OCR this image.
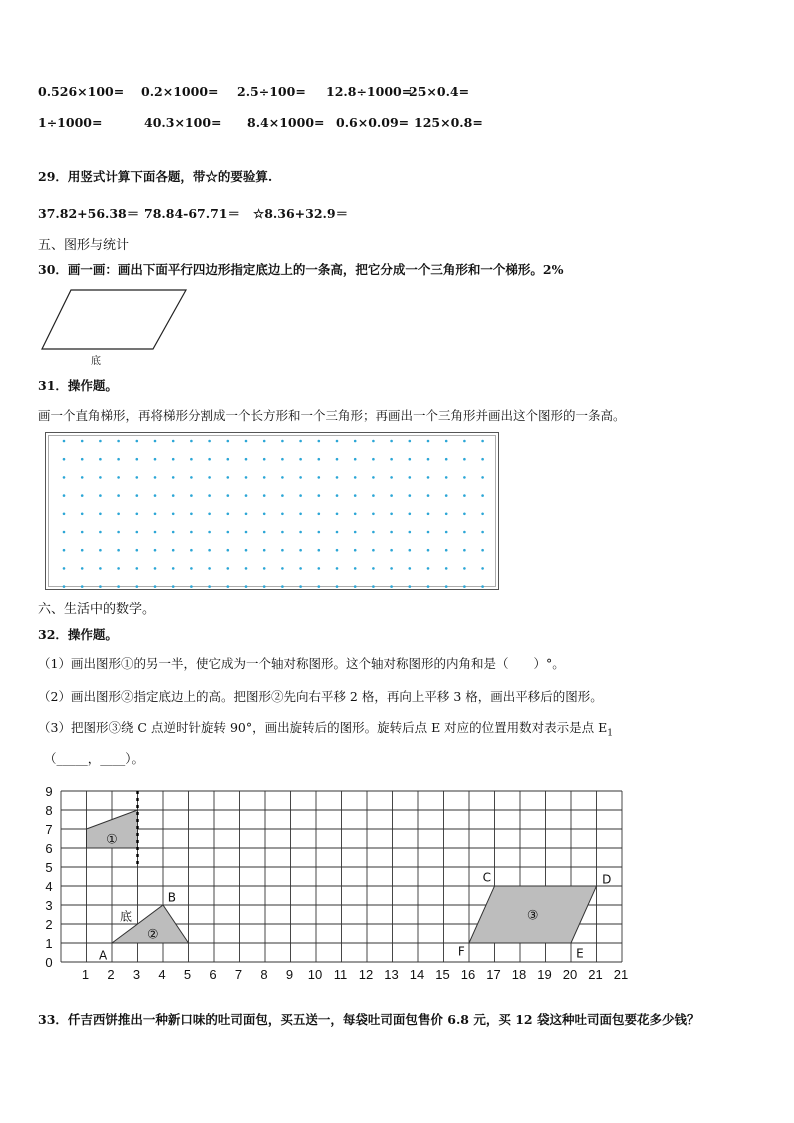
0.526×100= 0.2×1000= 2.5÷100= 12.8÷1000=
25×0.4=
1÷1000=	40.3×100= 8.4×1000= 0.6×0.09= 125×0.8=
29．用竖式计算下面各题，带☆的要验算.
37.82+56.38＝ 78.84-67.71＝ ☆8.36+32.9＝
五、图形与统计
30．画一画：画出下面平行四边形指定底边上的一条高，把它分成一个三角形和一个梯形。2%
底
31．操作题。
画一个直角梯形，再将梯形分割成一个长方形和一个三角形；再画出一个三角形并画出这个图形的一条高。
六、生活中的数学。
32．操作题。
（1）画出图形①的另一半，使它成为一个轴对称图形。这个轴对称图形的内角和是（　　）°。
（2）画出图形②指定底边上的高。把图形②先向右平移 2 格，再向上平移 3 格，画出平移后的图形。
（3）把图形③绕 C 点逆时针旋转 90°，画出旋转后的图形。旋转后点 E 对应的位置用数对表示是点 $E_1$
（_____，____）。
9
8
7
6
5
4
3
2
1
0
1 2 3 4 5 6 7 8 9 10 11 12 13 14 15 16 17 18 19 20 21 21
①
②
底
A
B
③
C	D
E
F
33．仟吉西饼推出一种新口味的吐司面包，买五送一，每袋吐司面包售价 6.8 元，买 12 袋这种吐司面包要花多少钱？
